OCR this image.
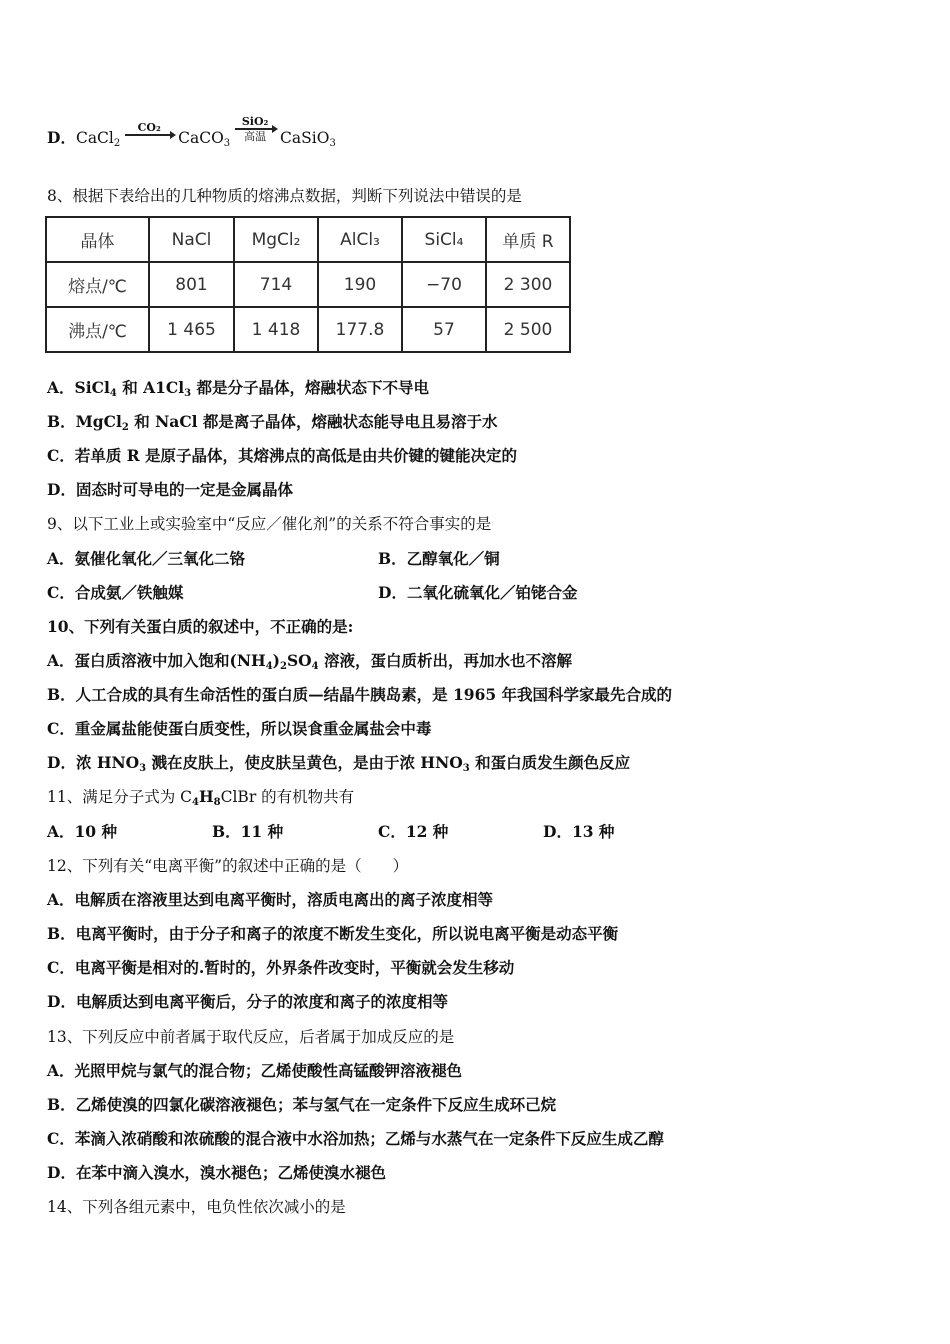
D．CaCl$_2$
CO₂

CaCO$_3$
SiO₂
高温 CaSiO$_3$
8、根据下表给出的几种物质的熔沸点数据，判断下列说法中错误的是
晶体	NaCl	MgCl₂	AlCl₃	SiCl₄	单质 R
熔点/℃	801	714	190	−70	2 300
沸点/℃	1 465	1 418	177.8	57	2 500
A．SiCl$_4$ 和 $A1Cl_3$ 都是分子晶体，熔融状态下不导电
B．MgCl$_2$ 和 NaCl 都是离子晶体，熔融状态能导电且易溶于水
C．若单质 R 是原子晶体，其熔沸点的高低是由共价键的键能决定的
D．固态时可导电的一定是金属晶体
9、以下工业上或实验室中“反应／催化剂”的关系不符合事实的是
A．氨催化氧化／三氧化二铬	B．乙醇氧化／铜
C．合成氨／铁触媒	D．二氧化硫氧化／铂铑合金
10、下列有关蛋白质的叙述中，不正确的是:
A．蛋白质溶液中加入饱和$(NH_4)_2SO_4$ 溶液，蛋白质析出，再加水也不溶解
B．人工合成的具有生命活性的蛋白质—结晶牛胰岛素，是 1965 年我国科学家最先合成的
C．重金属盐能使蛋白质变性，所以误食重金属盐会中毒
D．浓 $HNO_3$ 溅在皮肤上，使皮肤呈黄色，是由于浓 $HNO_3$ 和蛋白质发生颜色反应
11、满足分子式为 $C_4H_8ClBr$ 的有机物共有
A．10 种	B．11 种	C．12 种	D．13 种
12、下列有关“电离平衡”的叙述中正确的是（　　）
A．电解质在溶液里达到电离平衡时，溶质电离出的离子浓度相等
B．电离平衡时，由于分子和离子的浓度不断发生变化，所以说电离平衡是动态平衡
C．电离平衡是相对的.暂时的，外界条件改变时，平衡就会发生移动
D．电解质达到电离平衡后，分子的浓度和离子的浓度相等
13、下列反应中前者属于取代反应，后者属于加成反应的是
A．光照甲烷与氯气的混合物；乙烯使酸性高锰酸钾溶液褪色
B．乙烯使溴的四氯化碳溶液褪色；苯与氢气在一定条件下反应生成环己烷
C．苯滴入浓硝酸和浓硫酸的混合液中水浴加热；乙烯与水蒸气在一定条件下反应生成乙醇
D．在苯中滴入溴水，溴水褪色；乙烯使溴水褪色
14、下列各组元素中，电负性依次减小的是
